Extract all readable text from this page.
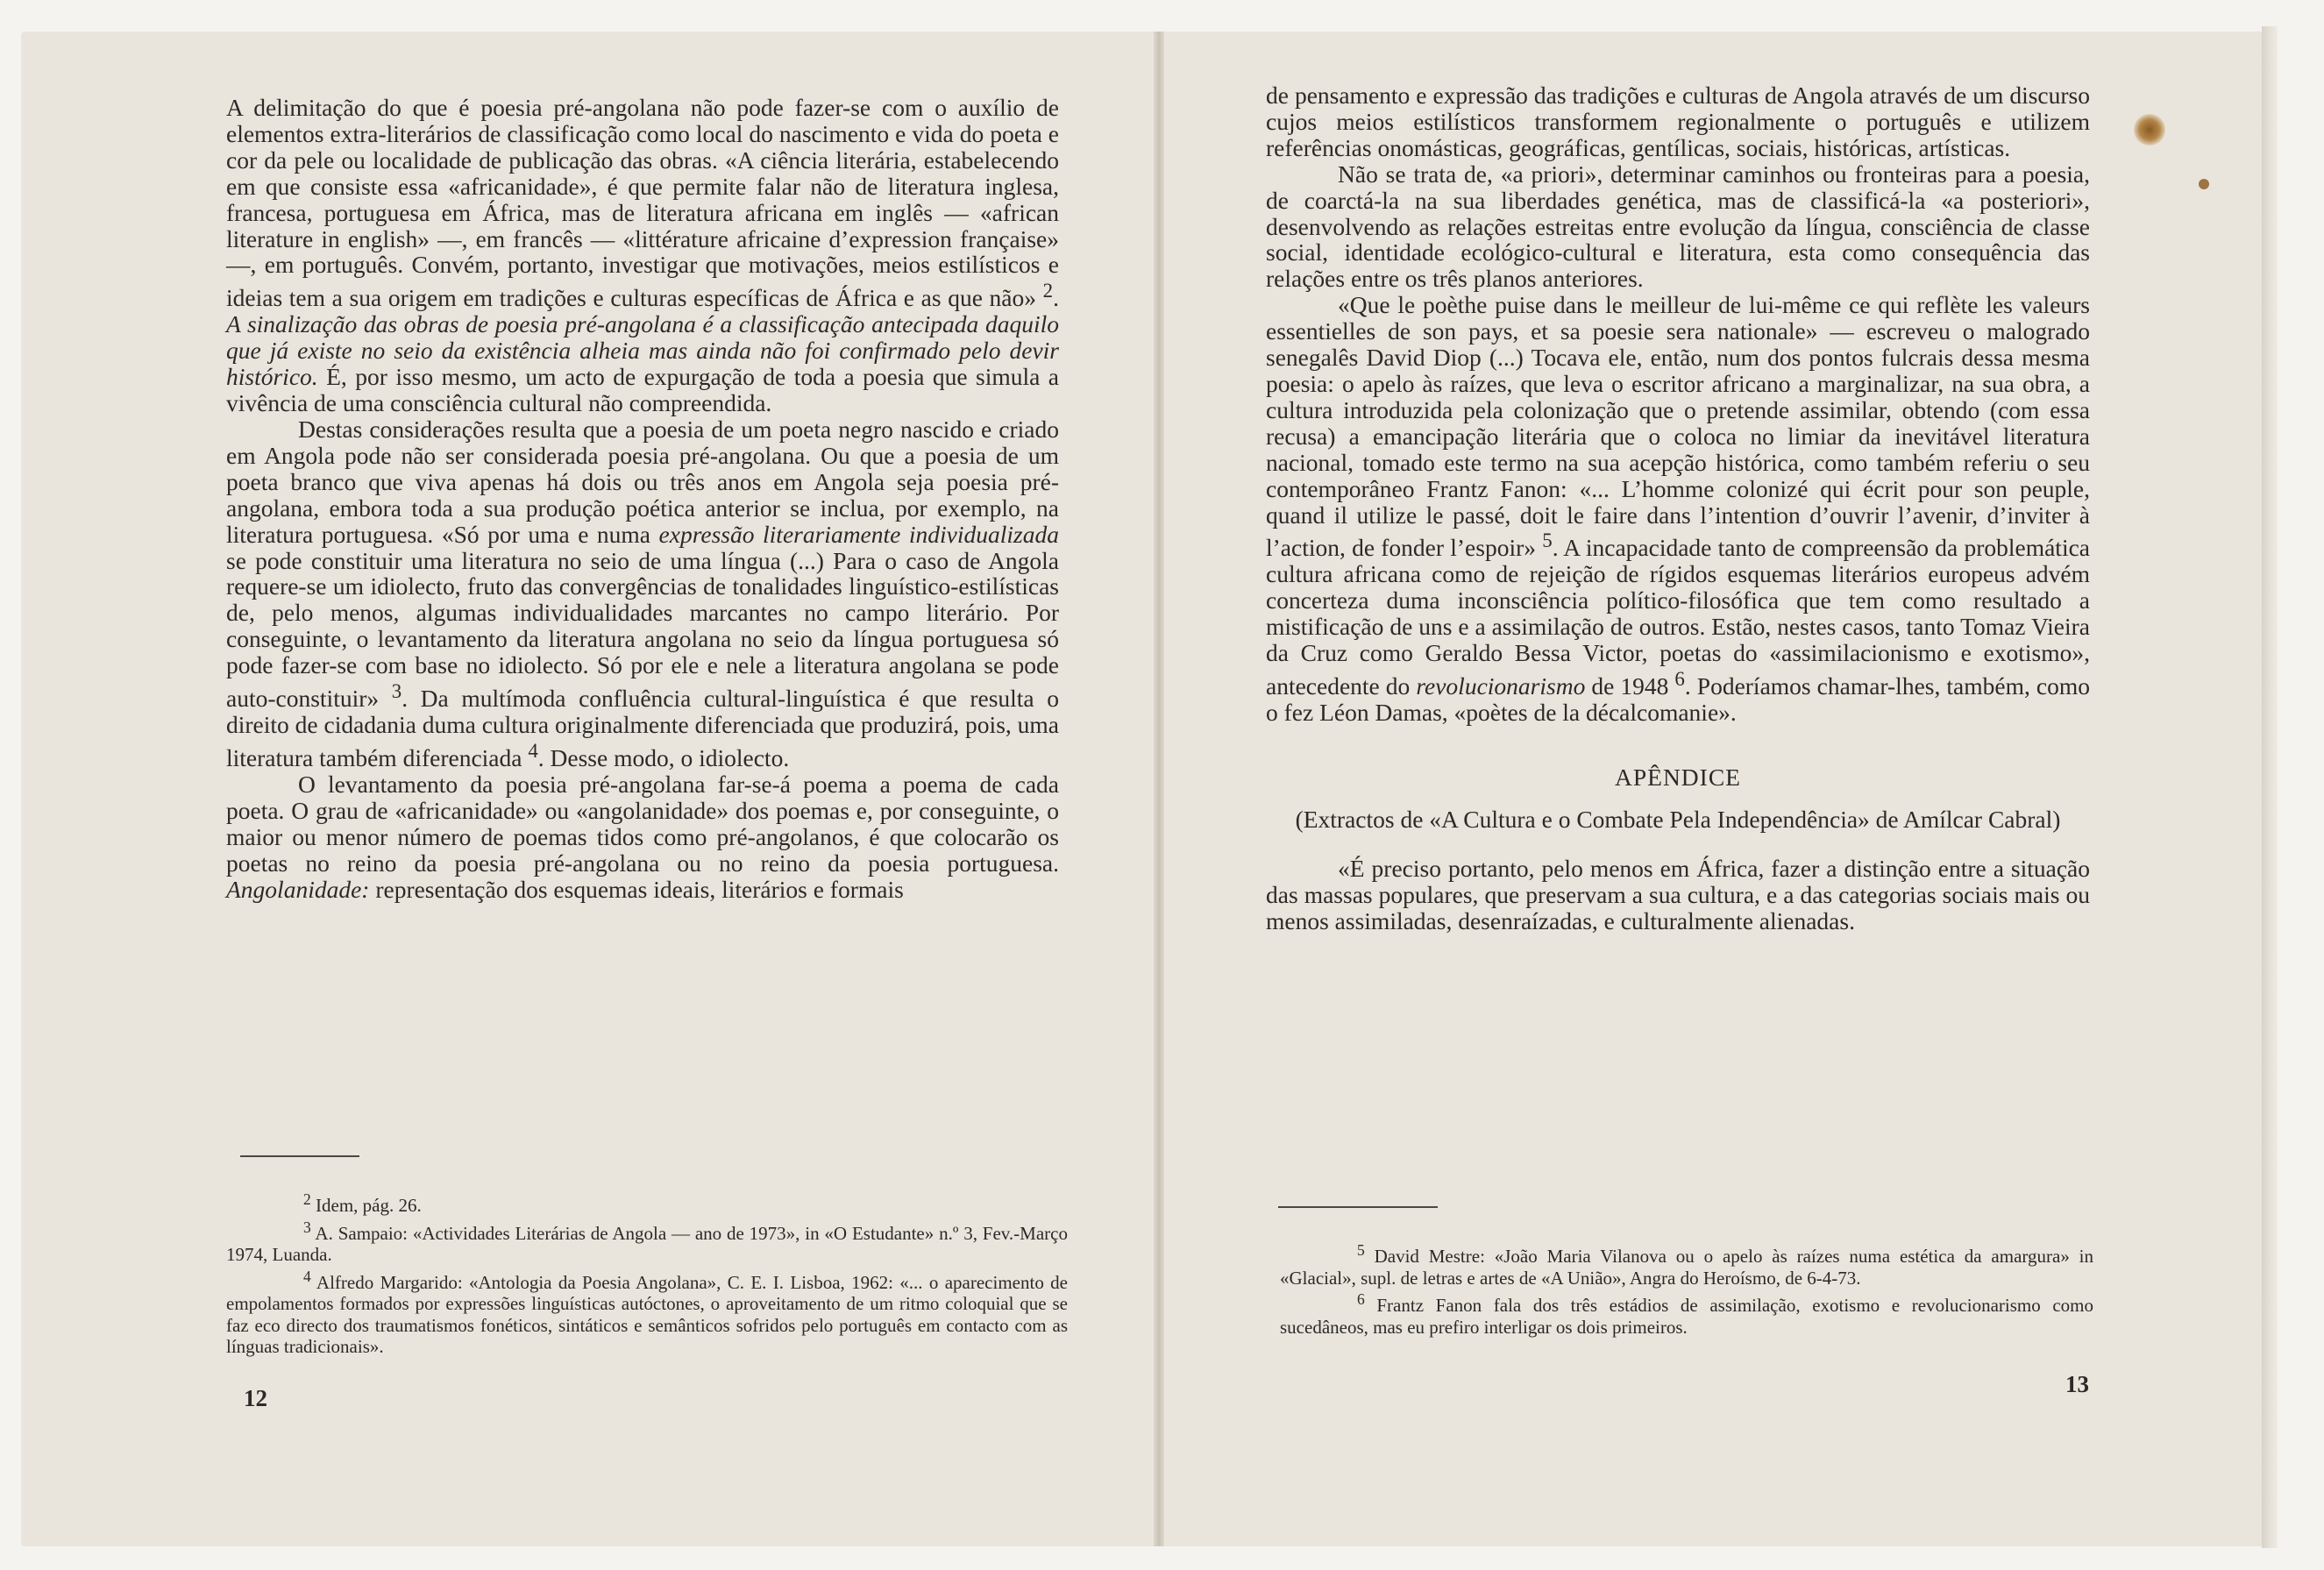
A delimitação do que é poesia pré-angolana não pode fazer-se com o auxílio de elementos extra-literários de classificação como local do nascimento e vida do poeta e cor da pele ou localidade de publicação das obras. «A ciência literária, estabelecendo em que consiste essa «africanidade», é que permite falar não de literatura inglesa, francesa, portuguesa em África, mas de literatura africana em inglês — «african literature in english» —, em francês — «littérature africaine d’expression française» —, em português. Convém, portanto, investigar que motivações, meios estilísticos e ideias tem a sua origem em tradições e culturas específicas de África e as que não» $^2$. A sinalização das obras de poesia pré-angolana é a classificação antecipada daquilo que já existe no seio da existência alheia mas ainda não foi confirmado pelo devir histórico. É, por isso mesmo, um acto de expurgação de toda a poesia que simula a vivência de uma consciência cultural não compreendida.

Destas considerações resulta que a poesia de um poeta negro nascido e criado em Angola pode não ser considerada poesia pré-angolana. Ou que a poesia de um poeta branco que viva apenas há dois ou três anos em Angola seja poesia pré-angolana, embora toda a sua produção poética anterior se inclua, por exemplo, na literatura portuguesa. «Só por uma e numa expressão literariamente individualizada se pode constituir uma literatura no seio de uma língua (...) Para o caso de Angola requere-se um idiolecto, fruto das convergências de tonalidades linguístico-estilísticas de, pelo menos, algumas individualidades marcantes no campo literário. Por conseguinte, o levantamento da literatura angolana no seio da língua portuguesa só pode fazer-se com base no idiolecto. Só por ele e nele a literatura angolana se pode auto-constituir» $^3$. Da multímoda confluência cultural-linguística é que resulta o direito de cidadania duma cultura originalmente diferenciada que produzirá, pois, uma literatura também diferenciada $^4$. Desse modo, o idiolecto.

O levantamento da poesia pré-angolana far-se-á poema a poema de cada poeta. O grau de «africanidade» ou «angolanidade» dos poemas e, por conseguinte, o maior ou menor número de poemas tidos como pré-angolanos, é que colocarão os poetas no reino da poesia pré-angolana ou no reino da poesia portuguesa. Angolanidade: representação dos esquemas ideais, literários e formais

$^2$ Idem, pág. 26.

$^3$ A. Sampaio: «Actividades Literárias de Angola — ano de 1973», in «O Estudante» n.º 3, Fev.-Março 1974, Luanda.

$^4$ Alfredo Margarido: «Antologia da Poesia Angolana», C. E. I. Lisboa, 1962: «... o aparecimento de empolamentos formados por expressões linguísticas autóctones, o aproveitamento de um ritmo coloquial que se faz eco directo dos traumatismos fonéticos, sintáticos e semânticos sofridos pelo português em contacto com as línguas tradicionais».

12

de pensamento e expressão das tradições e culturas de Angola através de um discurso cujos meios estilísticos transformem regionalmente o português e utilizem referências onomásticas, geográficas, gentílicas, sociais, históricas, artísticas.

Não se trata de, «a priori», determinar caminhos ou fronteiras para a poesia, de coarctá-la na sua liberdades genética, mas de classificá-la «a posteriori», desenvolvendo as relações estreitas entre evolução da língua, consciência de classe social, identidade ecológico-cultural e literatura, esta como consequência das relações entre os três planos anteriores.

«Que le poèthe puise dans le meilleur de lui-même ce qui reflète les valeurs essentielles de son pays, et sa poesie sera nationale» — escreveu o malogrado senegalês David Diop (...) Tocava ele, então, num dos pontos fulcrais dessa mesma poesia: o apelo às raízes, que leva o escritor africano a marginalizar, na sua obra, a cultura introduzida pela colonização que o pretende assimilar, obtendo (com essa recusa) a emancipação literária que o coloca no limiar da inevitável literatura nacional, tomado este termo na sua acepção histórica, como também referiu o seu contemporâneo Frantz Fanon: «... L’homme colonizé qui écrit pour son peuple, quand il utilize le passé, doit le faire dans l’intention d’ouvrir l’avenir, d’inviter à l’action, de fonder l’espoir» $^5$. A incapacidade tanto de compreensão da problemática cultura africana como de rejeição de rígidos esquemas literários europeus advém concerteza duma inconsciência político-filosófica que tem como resultado a mistificação de uns e a assimilação de outros. Estão, nestes casos, tanto Tomaz Vieira da Cruz como Geraldo Bessa Victor, poetas do «assimilacionismo e exotismo», antecedente do revolucionarismo de 1948 $^6$. Poderíamos chamar-lhes, também, como o fez Léon Damas, «poètes de la décalcomanie».

APÊNDICE
(Extractos de «A Cultura e o Combate Pela Independência» de Amílcar Cabral)

«É preciso portanto, pelo menos em África, fazer a distinção entre a situação das massas populares, que preservam a sua cultura, e a das categorias sociais mais ou menos assimiladas, desenraízadas, e culturalmente alienadas.

$^5$ David Mestre: «João Maria Vilanova ou o apelo às raízes numa estética da amargura» in «Glacial», supl. de letras e artes de «A União», Angra do Heroísmo, de 6-4-73.

$^6$ Frantz Fanon fala dos três estádios de assimilação, exotismo e revolucionarismo como sucedâneos, mas eu prefiro interligar os dois primeiros.

13
